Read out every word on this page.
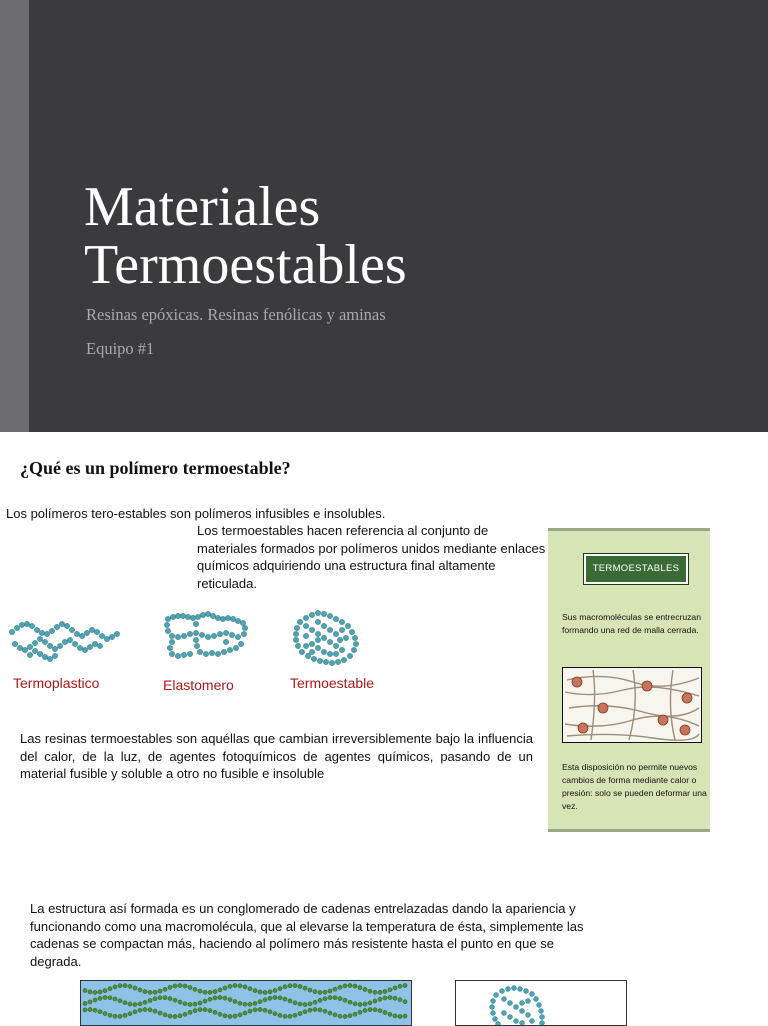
Materiales
Termoestables
Resinas epóxicas. Resinas fenólicas y aminas
Equipo #1
¿Qué es un polímero termoestable?
Los polímeros tero-estables son polímeros infusibles e insolubles.
Los termoestables hacen referencia al conjunto de materiales formados por polímeros unidos mediante enlaces químicos adquiriendo una estructura final altamente reticulada.
Termoplastico	Elastomero	Termoestable
Las resinas termoestables son aquéllas que cambian irreversiblemente bajo la influencia del calor, de la luz, de agentes fotoquímicos de agentes químicos, pasando de un material fusible y soluble a otro no fusible e insoluble
TERMOESTABLES
Sus macromoléculas se entrecruzan formando una red de malla cerrada.
Esta disposición no permite nuevos cambios de forma mediante calor o presión: solo se pueden deformar una vez.
La estructura así formada es un conglomerado de cadenas entrelazadas dando la apariencia y funcionando como una macromolécula, que al elevarse la temperatura de ésta, simplemente las cadenas se compactan más, haciendo al polímero más resistente hasta el punto en que se degrada.
